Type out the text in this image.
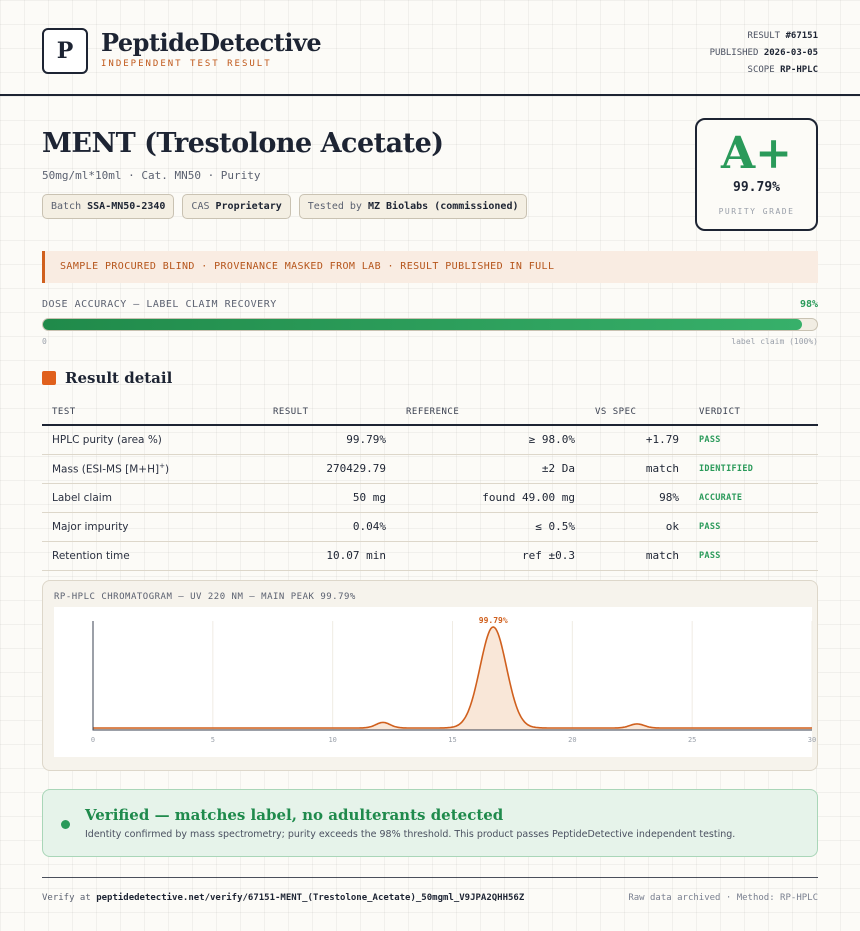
P	PeptideDetective
INDEPENDENT TEST RESULT
RESULT #67151
PUBLISHED 2026-03-05
SCOPE RP-HPLC
MENT (Trestolone Acetate)
50mg/ml*10ml · Cat. MN50 · Purity
Batch SSA-MN50-2340	CAS Proprietary	Tested by MZ Biolabs (commissioned)
A+
99.79%
PURITY GRADE
SAMPLE PROCURED BLIND · PROVENANCE MASKED FROM LAB · RESULT PUBLISHED IN FULL
DOSE ACCURACY — LABEL CLAIM RECOVERY	98%
0	label claim (100%)
Result detail
TEST	RESULT	REFERENCE	VS SPEC	VERDICT
HPLC purity (area %)	99.79%	≥ 98.0%	+1.79	PASS
Mass (ESI-MS [M+H]+)	270429.79	±2 Da	match	IDENTIFIED
Label claim	50 mg	found 49.00 mg	98%	ACCURATE
Major impurity	0.04%	≤ 0.5%	ok	PASS
Retention time	10.07 min	ref ±0.3	match	PASS
RP-HPLC CHROMATOGRAM — UV 220 NM — MAIN PEAK 99.79%
0	5	10	15	20	25	30
99.79%
Verified — matches label, no adulterants detected
Identity confirmed by mass spectrometry; purity exceeds the 98% threshold. This product passes PeptideDetective independent testing.
Verify at peptidedetective.net/verify/67151-MENT_(Trestolone_Acetate)_50mgml_V9JPA2QHH56Z	Raw data archived · Method: RP-HPLC
